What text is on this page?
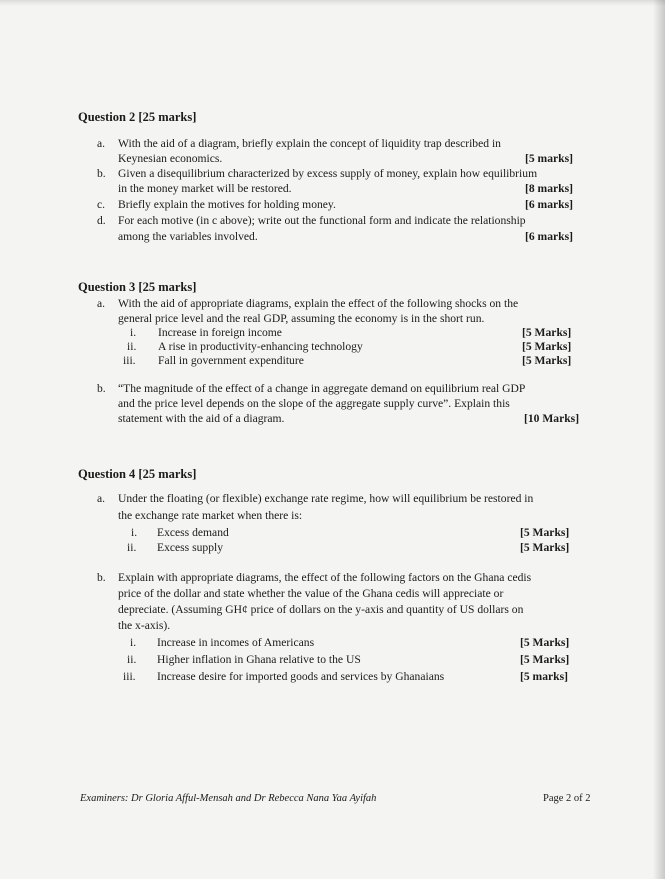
Question 2 [25 marks]
a. With the aid of a diagram, briefly explain the concept of liquidity trap described in
Keynesian economics.	[5 marks]
b. Given a disequilibrium characterized by excess supply of money, explain how equilibrium
in the money market will be restored.	[8 marks]
c. Briefly explain the motives for holding money.	[6 marks]
d. For each motive (in c above); write out the functional form and indicate the relationship
among the variables involved.	[6 marks]
Question 3 [25 marks]
a. With the aid of appropriate diagrams, explain the effect of the following shocks on the
general price level and the real GDP, assuming the economy is in the short run.
i. Increase in foreign income	[5 Marks]
ii. A rise in productivity-enhancing technology	[5 Marks]
iii. Fall in government expenditure	[5 Marks]
b. “The magnitude of the effect of a change in aggregate demand on equilibrium real GDP
and the price level depends on the slope of the aggregate supply curve”. Explain this
statement with the aid of a diagram.	[10 Marks]
Question 4 [25 marks]
a. Under the floating (or flexible) exchange rate regime, how will equilibrium be restored in
the exchange rate market when there is:
i. Excess demand	[5 Marks]
ii. Excess supply	[5 Marks]
b. Explain with appropriate diagrams, the effect of the following factors on the Ghana cedis
price of the dollar and state whether the value of the Ghana cedis will appreciate or
depreciate. (Assuming GH¢ price of dollars on the y-axis and quantity of US dollars on
the x-axis).
i. Increase in incomes of Americans	[5 Marks]
ii. Higher inflation in Ghana relative to the US	[5 Marks]
iii. Increase desire for imported goods and services by Ghanaians	[5 marks]
Examiners: Dr Gloria Afful-Mensah and Dr Rebecca Nana Yaa Ayifah	Page 2 of 2
